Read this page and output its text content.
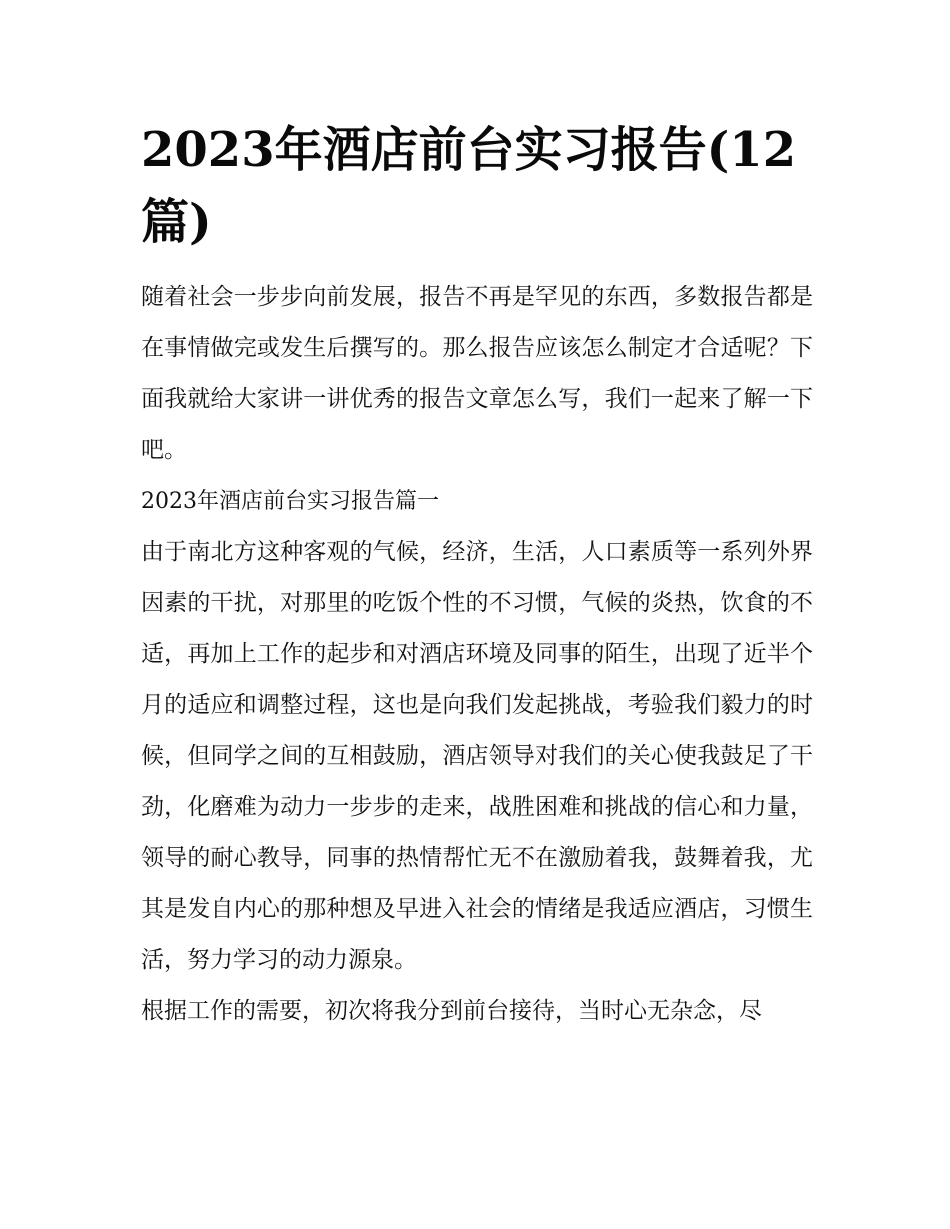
2023年酒店前台实习报告(12篇)

随着社会一步步向前发展，报告不再是罕见的东西，多数报告都是在事情做完或发生后撰写的。那么报告应该怎么制定才合适呢？下面我就给大家讲一讲优秀的报告文章怎么写，我们一起来了解一下吧。

2023年酒店前台实习报告篇一

由于南北方这种客观的气候，经济，生活，人口素质等一系列外界因素的干扰，对那里的吃饭个性的不习惯，气候的炎热，饮食的不适，再加上工作的起步和对酒店环境及同事的陌生，出现了近半个月的适应和调整过程，这也是向我们发起挑战，考验我们毅力的时候，但同学之间的互相鼓励，酒店领导对我们的关心使我鼓足了干劲，化磨难为动力一步步的走来，战胜困难和挑战的信心和力量，领导的耐心教导，同事的热情帮忙无不在激励着我，鼓舞着我，尤其是发自内心的那种想及早进入社会的情绪是我适应酒店，习惯生活，努力学习的动力源泉。

根据工作的需要，初次将我分到前台接待，当时心无杂念，尽
